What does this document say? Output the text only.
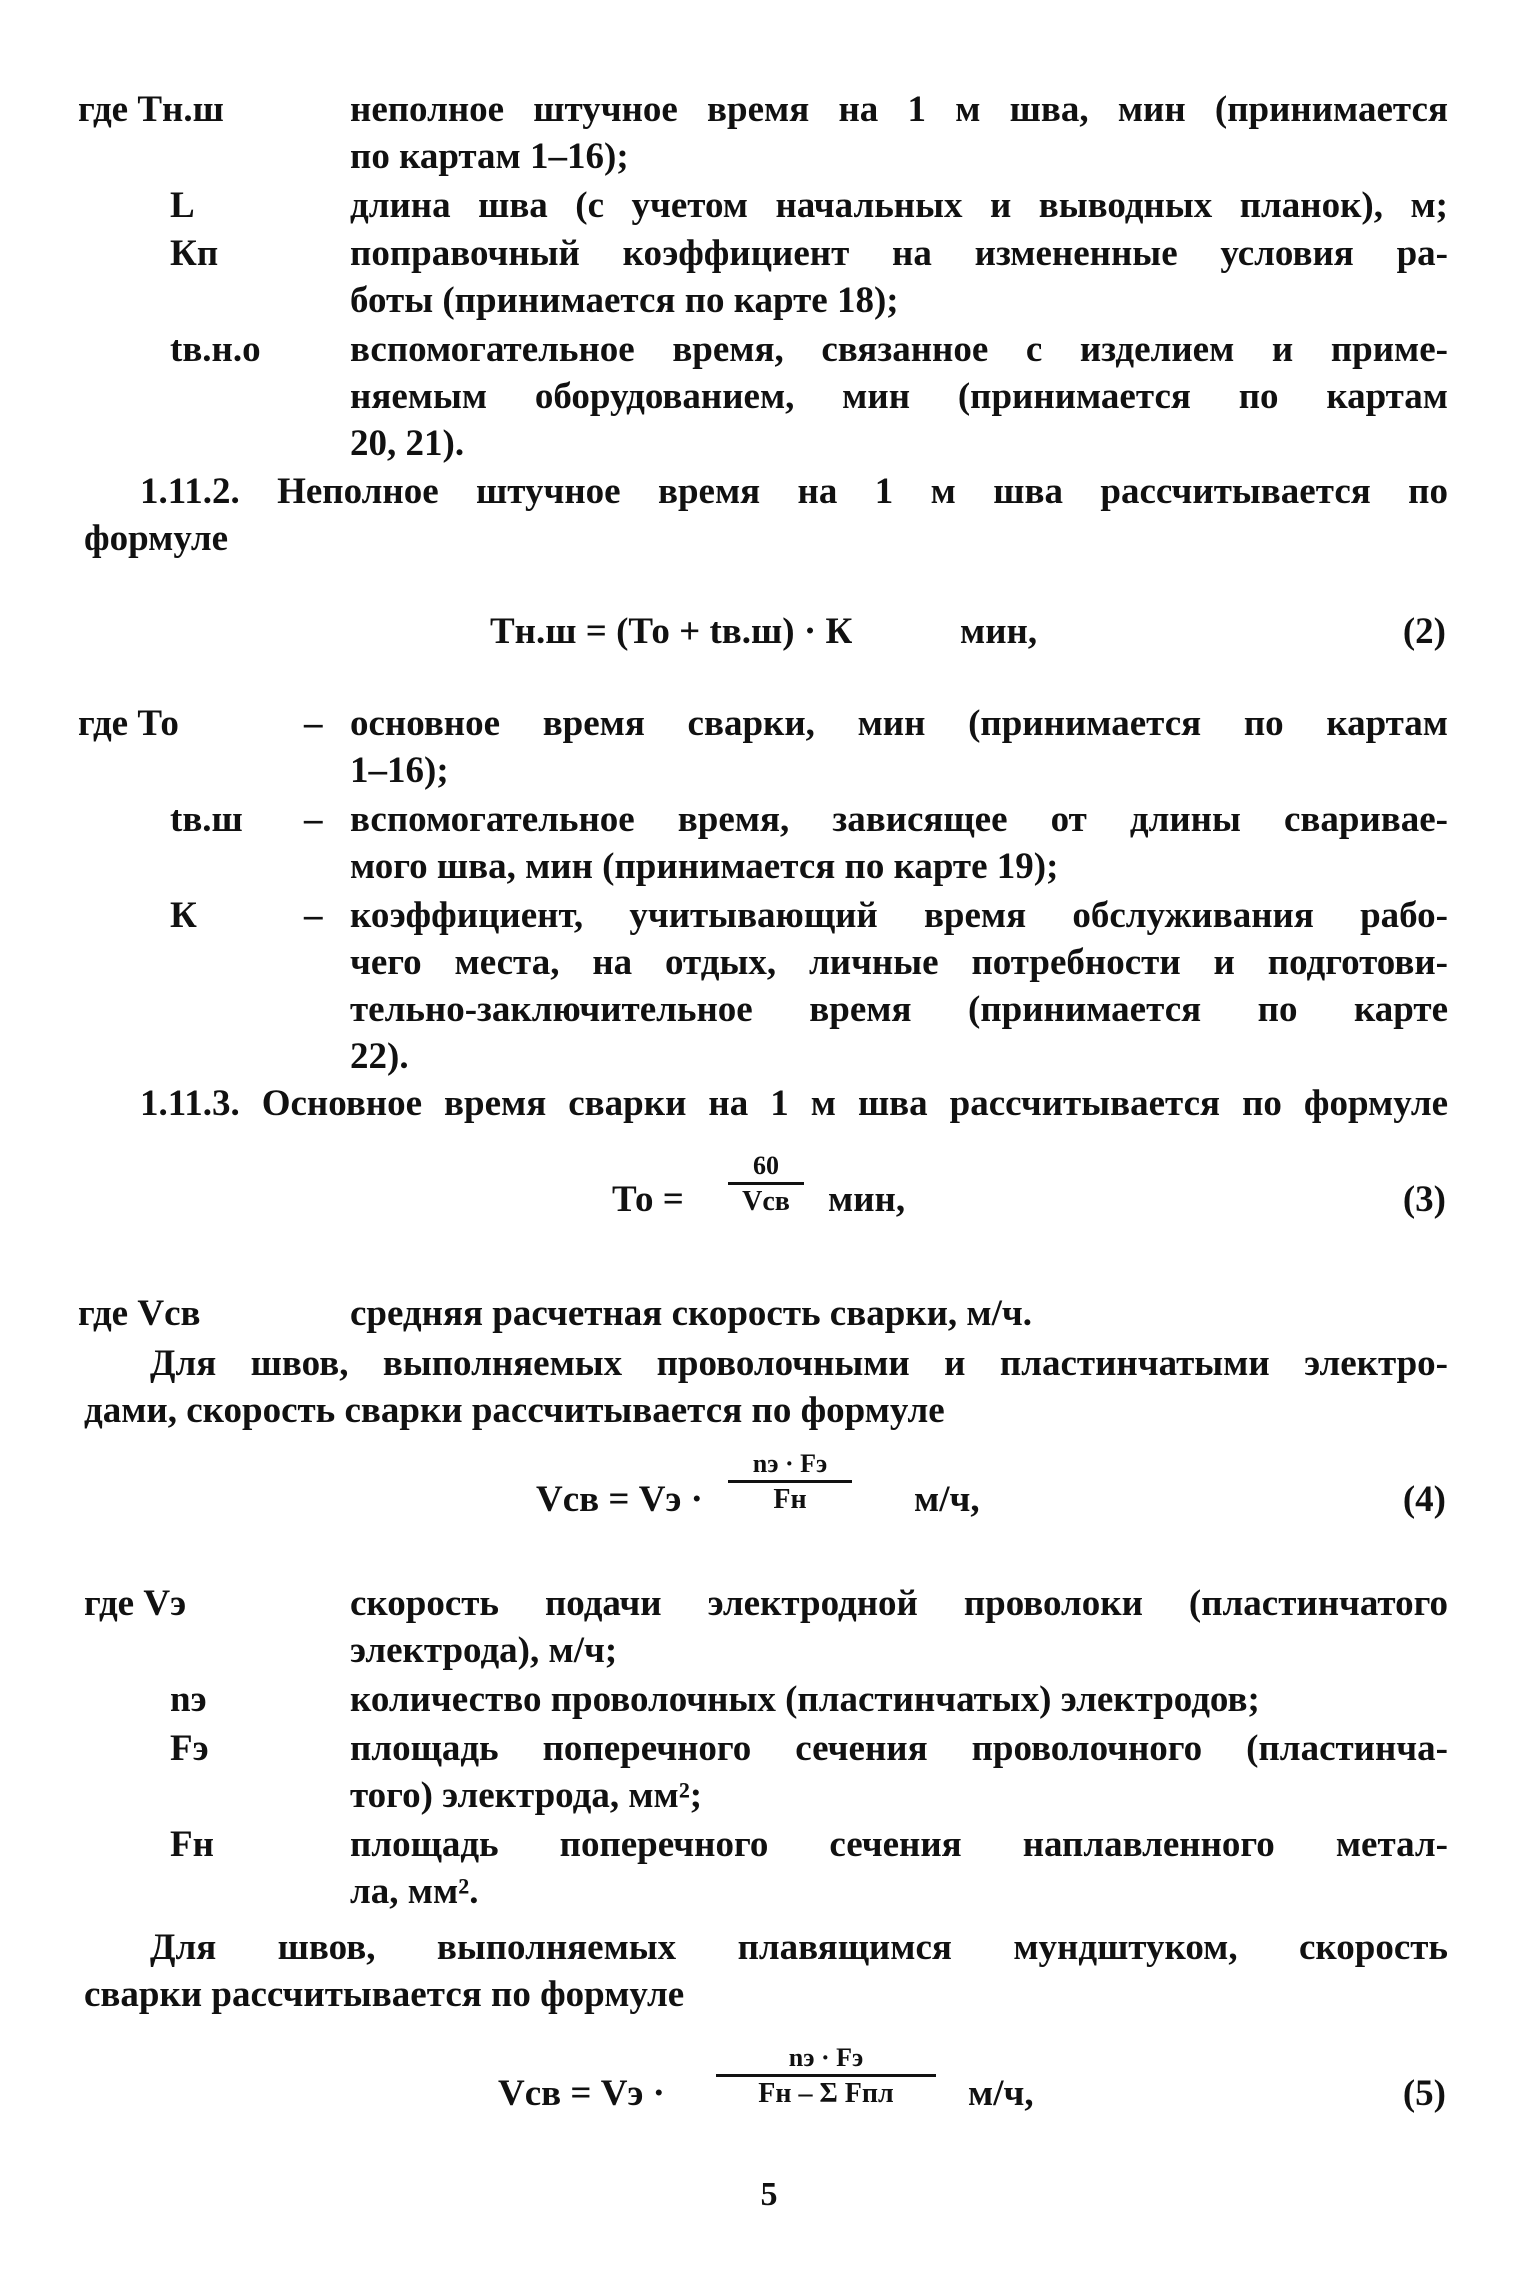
где Тн.ш	неполное штучное время на 1 м шва, мин (принимается
по картам 1–16);
L	длина шва (с учетом начальных и выводных планок), м;
Кп	поправочный коэффициент на измененные условия ра-
боты (принимается по карте 18);
tв.н.о вспомогательное время, связанное с изделием и приме-
няемым оборудованием, мин (принимается по картам
20, 21).
1.11.2. Неполное штучное время на 1 м шва рассчитывается по
формуле
Тн.ш = (То + tв.ш) · К	мин,	(2)
где То	– основное время сварки, мин (принимается по картам
1–16);
tв.ш – вспомогательное время, зависящее от длины сваривае-
мого шва, мин (принимается по карте 19);
К	– коэффициент, учитывающий время обслуживания рабо-
чего места, на отдых, личные потребности и подготови-
тельно-заключительное время (принимается по карте
22).
1.11.3. Основное время сварки на 1 м шва рассчитывается по формуле
То =
60
Vсв	мин,	(3)
где Vсв	средняя расчетная скорость сварки, м/ч.
Для швов, выполняемых проволочными и пластинчатыми электро-
дами, скорость сварки рассчитывается по формуле
Vсв = Vэ ·
nэ · Fэ
Fн	м/ч,	(4)
где Vэ	скорость подачи электродной проволоки (пластинчатого
электрода), м/ч;
nэ	количество проволочных (пластинчатых) электродов;
Fэ	площадь поперечного сечения проволочного (пластинча-
того) электрода, мм²;
Fн	площадь поперечного сечения наплавленного метал-
ла, мм².
Для швов, выполняемых плавящимся мундштуком, скорость
сварки рассчитывается по формуле
Vсв = Vэ ·
nэ · Fэ
Fн – Σ Fпл	м/ч,	(5)
5
